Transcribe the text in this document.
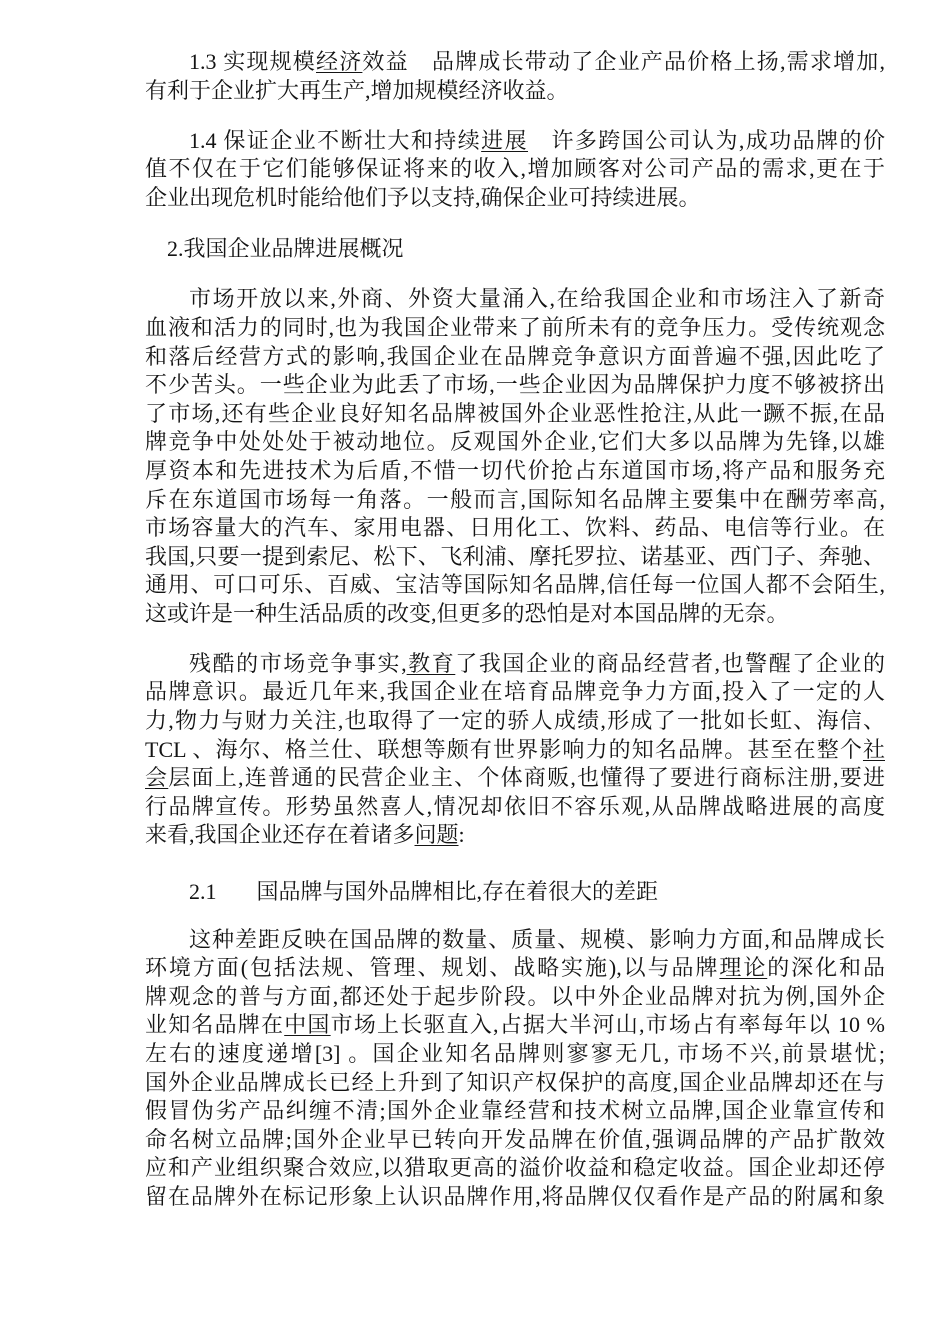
1.3 实现规模经济效益　品牌成长带动了企业产品价格上扬,需求增加,
有利于企业扩大再生产,增加规模经济收益。
1.4 保证企业不断壮大和持续进展　许多跨国公司认为,成功品牌的价
值不仅在于它们能够保证将来的收入,增加顾客对公司产品的需求,更在于
企业出现危机时能给他们予以支持,确保企业可持续进展。
2.我国企业品牌进展概况
市场开放以来,外商、外资大量涌入,在给我国企业和市场注入了新奇
血液和活力的同时,也为我国企业带来了前所未有的竞争压力。受传统观念
和落后经营方式的影响,我国企业在品牌竞争意识方面普遍不强,因此吃了
不少苦头。一些企业为此丢了市场,一些企业因为品牌保护力度不够被挤出
了市场,还有些企业良好知名品牌被国外企业恶性抢注,从此一蹶不振,在品
牌竞争中处处处于被动地位。反观国外企业,它们大多以品牌为先锋,以雄
厚资本和先进技术为后盾,不惜一切代价抢占东道国市场,将产品和服务充
斥在东道国市场每一角落。一般而言,国际知名品牌主要集中在酬劳率高,
市场容量大的汽车、家用电器、日用化工、饮料、药品、电信等行业。在
我国,只要一提到索尼、松下、飞利浦、摩托罗拉、诺基亚、西门子、奔驰、
通用、可口可乐、百威、宝洁等国际知名品牌,信任每一位国人都不会陌生,
这或许是一种生活品质的改变,但更多的恐怕是对本国品牌的无奈。
残酷的市场竞争事实,教育了我国企业的商品经营者,也警醒了企业的
品牌意识。最近几年来,我国企业在培育品牌竞争力方面,投入了一定的人
力,物力与财力关注,也取得了一定的骄人成绩,形成了一批如长虹、海信、
TCL 、海尔、格兰仕、联想等颇有世界影响力的知名品牌。甚至在整个社
会层面上,连普通的民营企业主、个体商贩,也懂得了要进行商标注册,要进
行品牌宣传。形势虽然喜人,情况却依旧不容乐观,从品牌战略进展的高度
来看,我国企业还存在着诸多问题:
2.1 国品牌与国外品牌相比,存在着很大的差距
这种差距反映在国品牌的数量、质量、规模、影响力方面,和品牌成长
环境方面(包括法规、管理、规划、战略实施),以与品牌理论的深化和品
牌观念的普与方面,都还处于起步阶段。以中外企业品牌对抗为例,国外企
业知名品牌在中国市场上长驱直入,占据大半河山,市场占有率每年以 10 %
左右的速度递增[3] 。国企业知名品牌则寥寥无几, 市场不兴,前景堪忧;
国外企业品牌成长已经上升到了知识产权保护的高度,国企业品牌却还在与
假冒伪劣产品纠缠不清;国外企业靠经营和技术树立品牌,国企业靠宣传和
命名树立品牌;国外企业早已转向开发品牌在价值,强调品牌的产品扩散效
应和产业组织聚合效应,以猎取更高的溢价收益和稳定收益。国企业却还停
留在品牌外在标记形象上认识品牌作用,将品牌仅仅看作是产品的附属和象
